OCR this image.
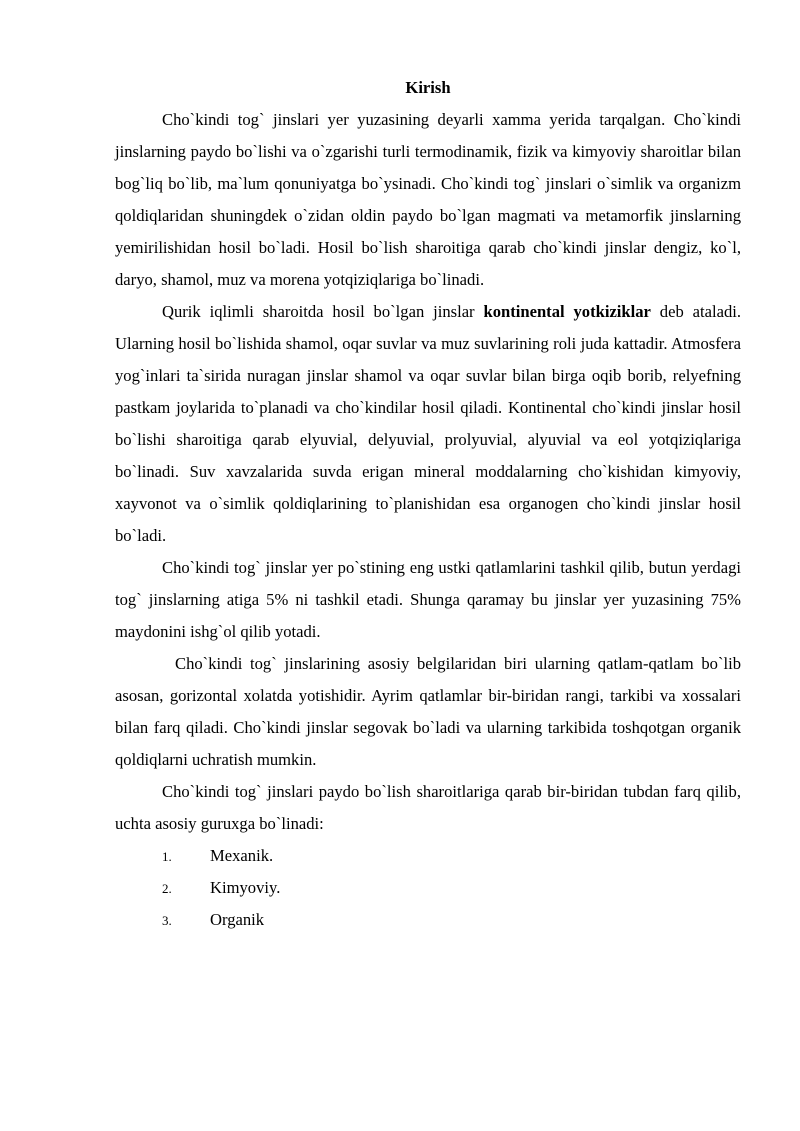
Kirish

Cho`kindi tog` jinslari yer yuzasining deyarli xamma yerida tarqalgan. Cho`kindi jinslarning paydo bo`lishi va o`zgarishi turli termodinamik, fizik va kimyoviy sharoitlar bilan bog`liq bo`lib, ma`lum qonuniyatga bo`ysinadi. Cho`kindi tog` jinslari o`simlik va organizm qoldiqlaridan shuningdek o`zidan oldin paydo bo`lgan magmati va metamorfik jinslarning yemirilishidan hosil bo`ladi. Hosil bo`lish sharoitiga qarab cho`kindi jinslar dengiz, ko`l, daryo, shamol, muz va morena yotqiziqlariga bo`linadi.

Qurik iqlimli sharoitda hosil bo`lgan jinslar kontinental yotkiziklar deb ataladi. Ularning hosil bo`lishida shamol, oqar suvlar va muz suvlarining roli juda kattadir. Atmosfera yog`inlari ta`sirida nuragan jinslar shamol va oqar suvlar bilan birga oqib borib, relyefning pastkam joylarida to`planadi va cho`kindilar hosil qiladi. Kontinental cho`kindi jinslar hosil bo`lishi sharoitiga qarab elyuvial, delyuvial, prolyuvial, alyuvial va eol yotqiziqlariga bo`linadi. Suv xavzalarida suvda erigan mineral moddalarning cho`kishidan kimyoviy, xayvonot va o`simlik qoldiqlarining to`planishidan esa organogen cho`kindi jinslar hosil bo`ladi.

Cho`kindi tog` jinslar yer po`stining eng ustki qatlamlarini tashkil qilib, butun yerdagi tog` jinslarning atiga 5% ni tashkil etadi. Shunga qaramay bu jinslar yer yuzasining 75% maydonini ishg`ol qilib yotadi.

Cho`kindi tog` jinslarining asosiy belgilaridan biri ularning qatlam-qatlam bo`lib asosan, gorizontal xolatda yotishidir. Ayrim qatlamlar bir-biridan rangi, tarkibi va xossalari bilan farq qiladi. Cho`kindi jinslar segovak bo`ladi va ularning tarkibida toshqotgan organik qoldiqlarni uchratish mumkin.

Cho`kindi tog` jinslari paydo bo`lish sharoitlariga qarab bir-biridan tubdan farq qilib, uchta asosiy guruxga bo`linadi:

1. Mexanik.
2. Kimyoviy.
3. Organik
